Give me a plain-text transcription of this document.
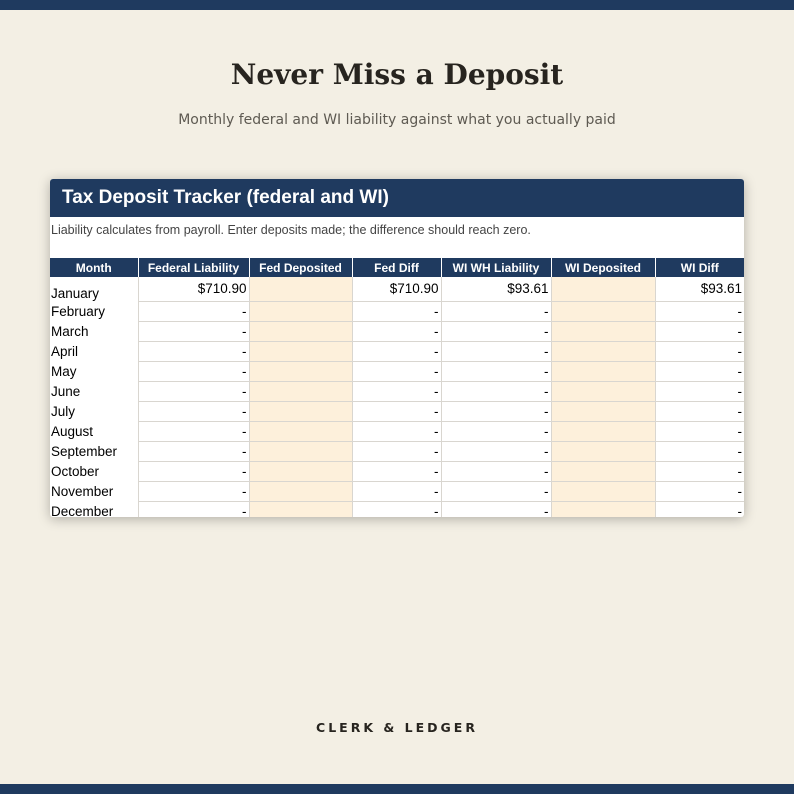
Never Miss a Deposit
Monthly federal and WI liability against what you actually paid
Tax Deposit Tracker (federal and WI)
Liability calculates from payroll. Enter deposits made; the difference should reach zero.
Month	Federal Liability	Fed Deposited	Fed Diff	WI WH Liability	WI Deposited	WI Diff
January	$710.90		$710.90	$93.61		$93.61
February	-		-	-		-
March	-		-	-		-
April	-		-	-		-
May	-		-	-		-
June	-		-	-		-
July	-		-	-		-
August	-		-	-		-
September	-		-	-		-
October	-		-	-		-
November	-		-	-		-
December	-		-	-		-
CLERK & LEDGER
